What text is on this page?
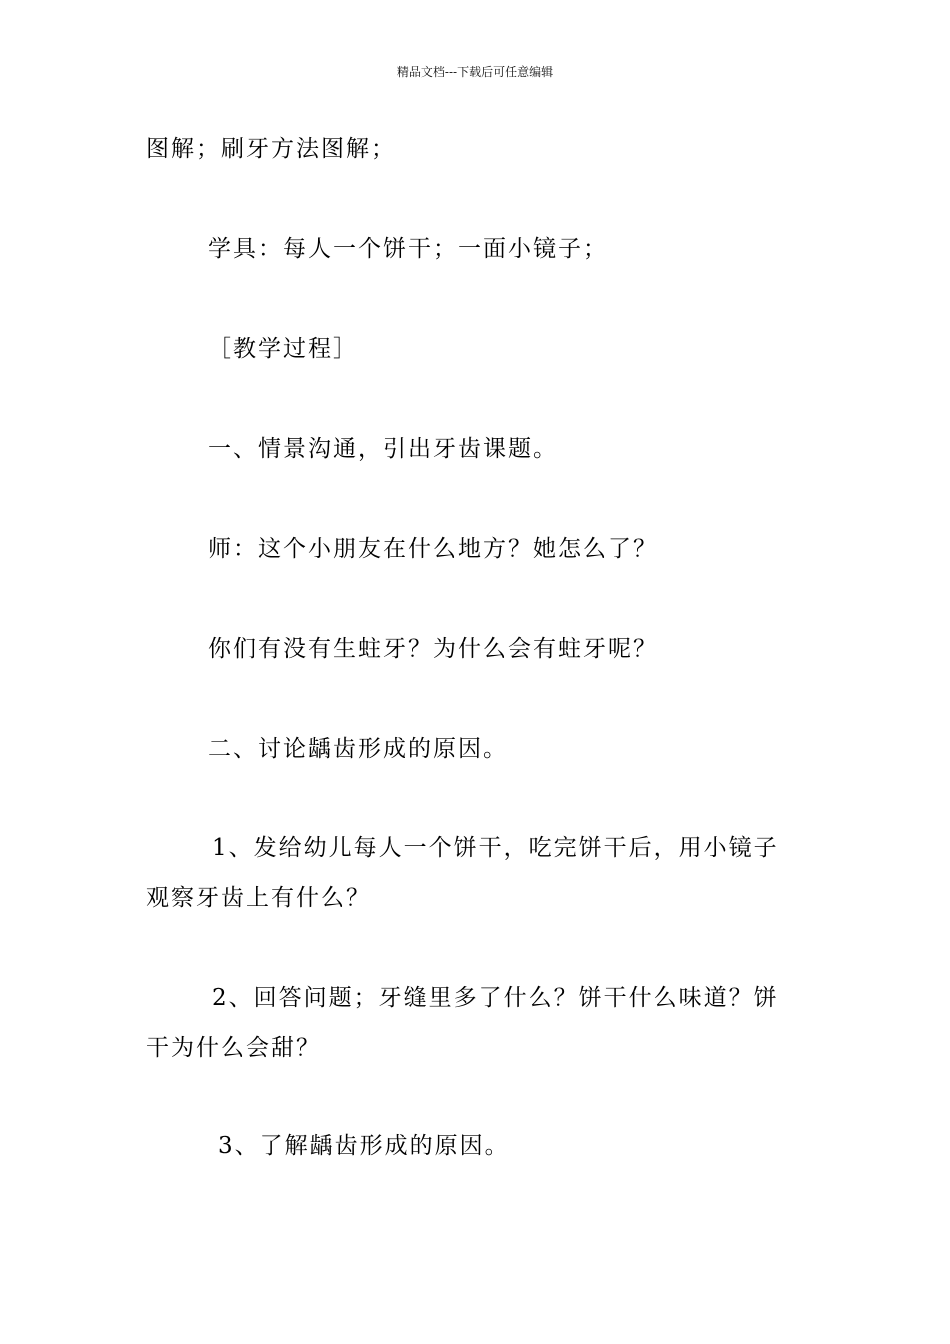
精品文档---下载后可任意编辑
图解；刷牙方法图解；
学具：每人一个饼干；一面小镜子；
［教学过程］
一、情景沟通，引出牙齿课题。
师：这个小朋友在什么地方？她怎么了？
你们有没有生蛀牙？为什么会有蛀牙呢？
二、讨论龋齿形成的原因。
1、发给幼儿每人一个饼干，吃完饼干后，用小镜子
观察牙齿上有什么？
2、回答问题；牙缝里多了什么？饼干什么味道？饼
干为什么会甜？
3、了解龋齿形成的原因。
